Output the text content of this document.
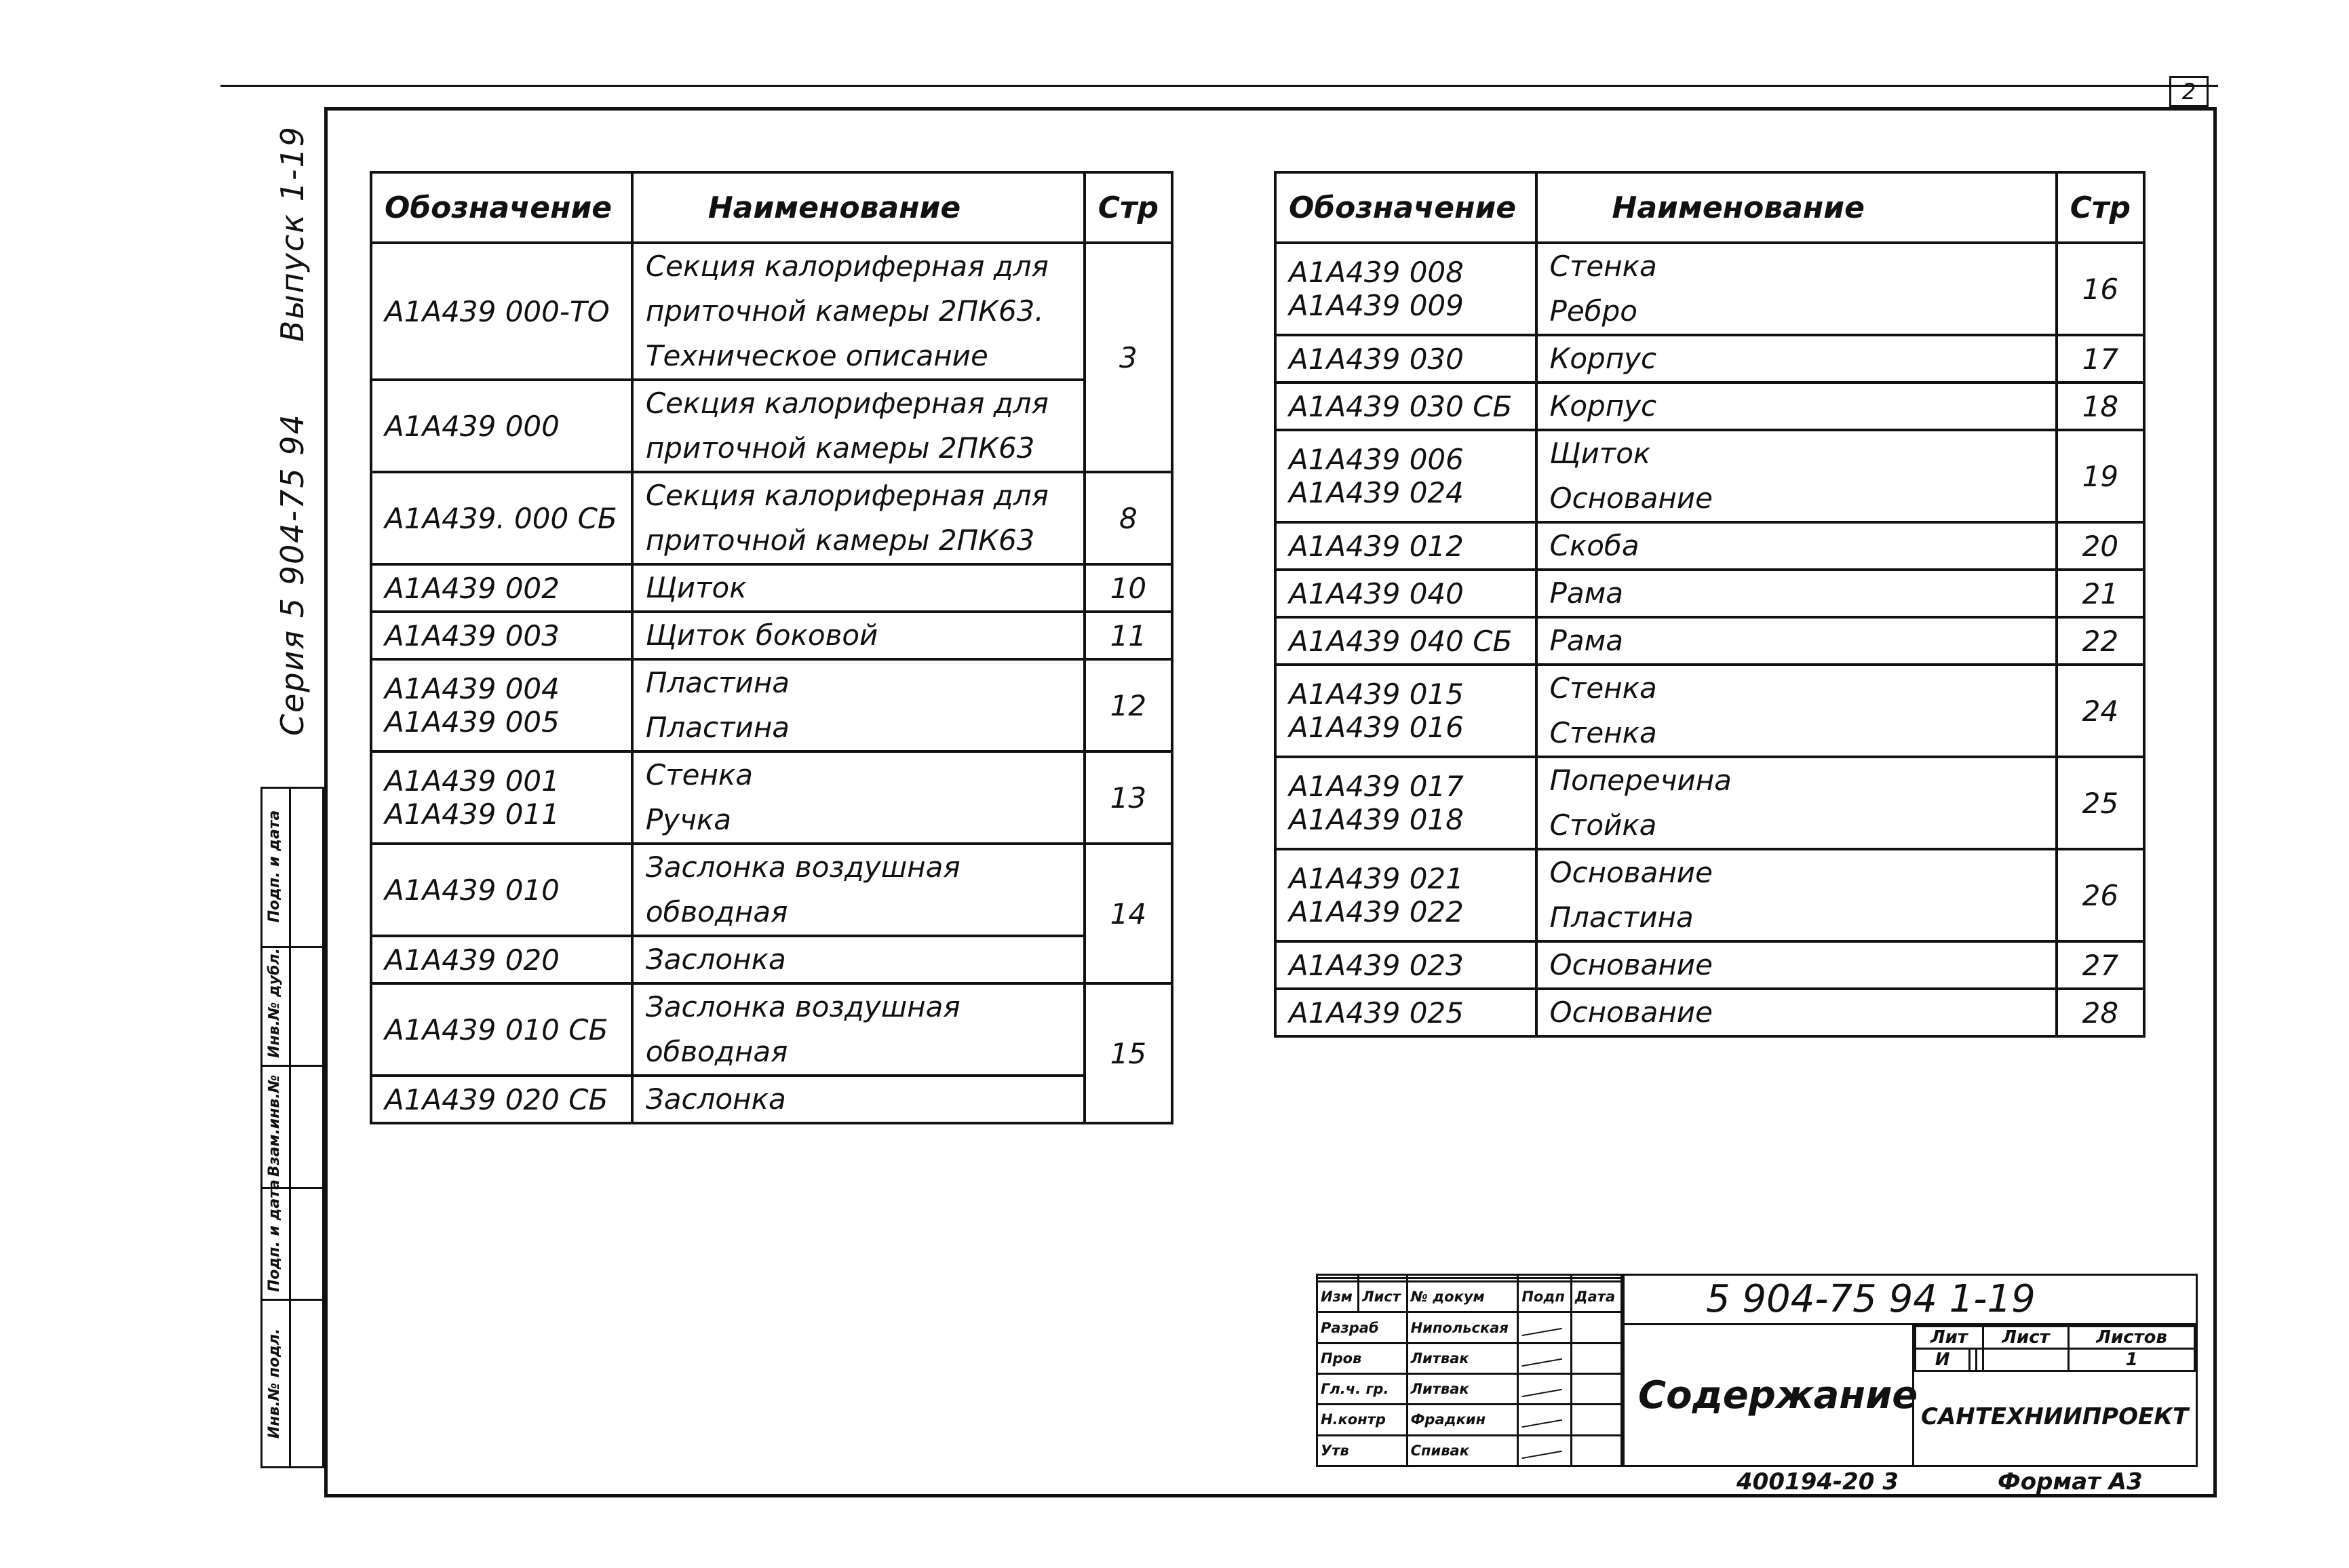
2
Серия 5 904-75 94
Выпуск 1-19
Инв.№ подл.
Подп. и дата
Взам.инв.№
Инв.№ дубл.
Подп. и дата
Обозначение	Наименование	Стр

А1А439 000-ТО	Секция калориферная для
приточной камеры 2ПК63.
Техническое описание	3

А1А439 000	Секция калориферная для
приточной камеры 2ПК63	

А1А439. 000 СБ	Секция калориферная для
приточной камеры 2ПК63	8

А1А439 002	Щиток	10

А1А439 003	Щиток боковой	11

А1А439 004
А1А439 005	Пластина
Пластина	12

А1А439 001
А1А439 011	Стенка
Ручка	13

А1А439 010	Заслонка воздушная
обводная	14

А1А439 020	Заслонка	

А1А439 010 СБ	Заслонка воздушная
обводная	15

А1А439 020 СБ	Заслонка	
Обозначение	Наименование	Стр

А1А439 008
А1А439 009	Стенка
Ребро	16

А1А439 030	Корпус	17

А1А439 030 СБ	Корпус	18

А1А439 006
А1А439 024	Щиток
Основание	19

А1А439 012	Скоба	20

А1А439 040	Рама	21

А1А439 040 СБ	Рама	22

А1А439 015
А1А439 016	Стенка
Стенка	24

А1А439 017
А1А439 018	Поперечина
Стойка	25

А1А439 021
А1А439 022	Основание
Пластина	26

А1А439 023	Основание	27

А1А439 025	Основание	28

Изм	Лист	№ докум	Подп	Дата
Разраб		Нипольская		
Пров		Литвак		
Гл.ч. гр.		Литвак		
Н.контр		Фрадкин		
Утв		Спивак		
5 904-75 94 1-19
Содержание
Лит			Лист	Листов
И				1
САНТЕХНИИПРОЕКТ
400194-20 3	Формат А3
